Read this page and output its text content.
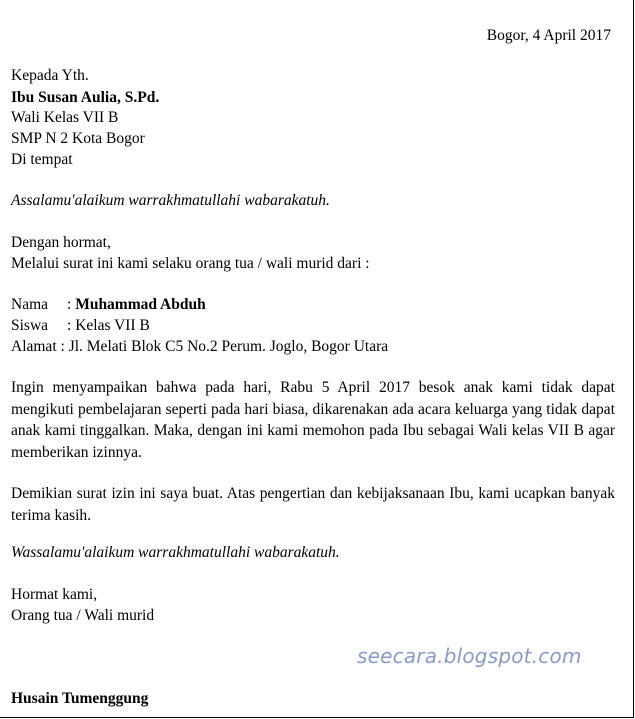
Bogor, 4 April 2017
Kepada Yth.
Ibu Susan Aulia, S.Pd.
Wali Kelas VII B
SMP N 2 Kota Bogor
Di tempat
Assalamu'alaikum warrakhmatullahi wabarakatuh.
Dengan hormat,
Melalui surat ini kami selaku orang tua / wali murid dari :
Nama : Muhammad Abduh
Siswa : Kelas VII B
Alamat : Jl. Melati Blok C5 No.2 Perum. Joglo, Bogor Utara
Ingin menyampaikan bahwa pada hari, Rabu 5 April 2017 besok anak kami tidak dapat mengikuti pembelajaran seperti pada hari biasa, dikarenakan ada acara keluarga yang tidak dapat anak kami tinggalkan. Maka, dengan ini kami memohon pada Ibu sebagai Wali kelas VII B agar memberikan izinnya.
Demikian surat izin ini saya buat. Atas pengertian dan kebijaksanaan Ibu, kami ucapkan banyak terima kasih.
Wassalamu'alaikum warrakhmatullahi wabarakatuh.
Hormat kami,
Orang tua / Wali murid
seecara.blogspot.com
Husain Tumenggung
